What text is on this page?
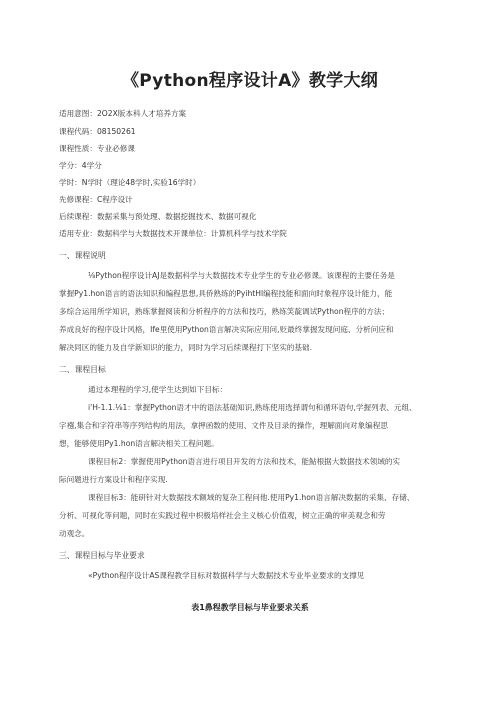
《Python程序设计A》教学大纲
适用意图：2O2X版本科人才培养方案
课程代码：08150261
课程性质：专业必修课
学分：4学分
学时：N学时（理论48学时,实验16学时）
先修课程：C程序设计
后续课程：数据采集与预处理、数据挖掘技术、数据可视化
适用专业：数据科学与大数据技术开课单位：计算机科学与技术学院
一、课程说明
⅛Python程序设计AJ是数据科学与大数据技术专业学生的专业必修课。该课程的主要任务是
掌握Py1.hon语言的语法知识和编程思想,具侨熟练的PyihtHl编程技能和面向时象程序设计能力，能
多综合运用所学知识，熟练掌握阅读和分析程序的方法和技巧，熟练笑靛调试Python程序的方法；
养成良好的程序设计风格，Ife里使用Python语言解决实际应用问,贬最终掌握发现问庭、分析问应和
解决同区的能力及自学新知识的能力，同时为学习后续课程打下坚实的基础.
二、课程目标
通过本理程的学习,使学生达到如下目标：
i'H-1.1.⅛1：掌握Python语才中的语法基础知识,熟练使用选择谓句和循环语句,学握列表、元组、
字襁,集合和字符串等序列结构的用法，拿押函数的使用、文件及目录的操作，理解面向对象编程思
想，能够使用Py1.hon语言解决相关工程问题。
课程目标2：掌握使用Python语言进行项目开发的方法和技术，能鮎根据大数据技术领域的实
际问题进行方案设计和程序实现.
课程目标3：能研针对大数据技术额域的复杂工程问他.使用Py1.hon语言解决数据的采集、存储、
分析、可视化等问题，同时在实践过程中枳极培样社会主义核心价值观，树立正确的审美观念和劳
动观念。
三、课程目标与毕业要求
«Python程序设计AS课程教学目标对数据科学与大数据技术专业毕业要求的支撑见
表1鼻程教学目标与毕业要求关系
